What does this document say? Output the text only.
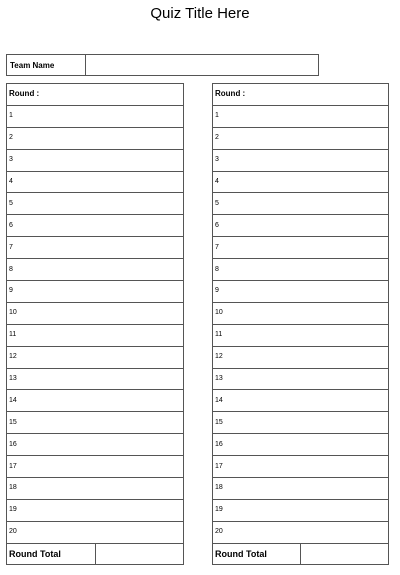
Quiz Title Here
Team Name	
Round :
1
2
3
4
5
6
7
8
9
10
11
12
13
14
15
16
17
18
19
20
Round Total	
Round :
1
2
3
4
5
6
7
8
9
10
11
12
13
14
15
16
17
18
19
20
Round Total	
